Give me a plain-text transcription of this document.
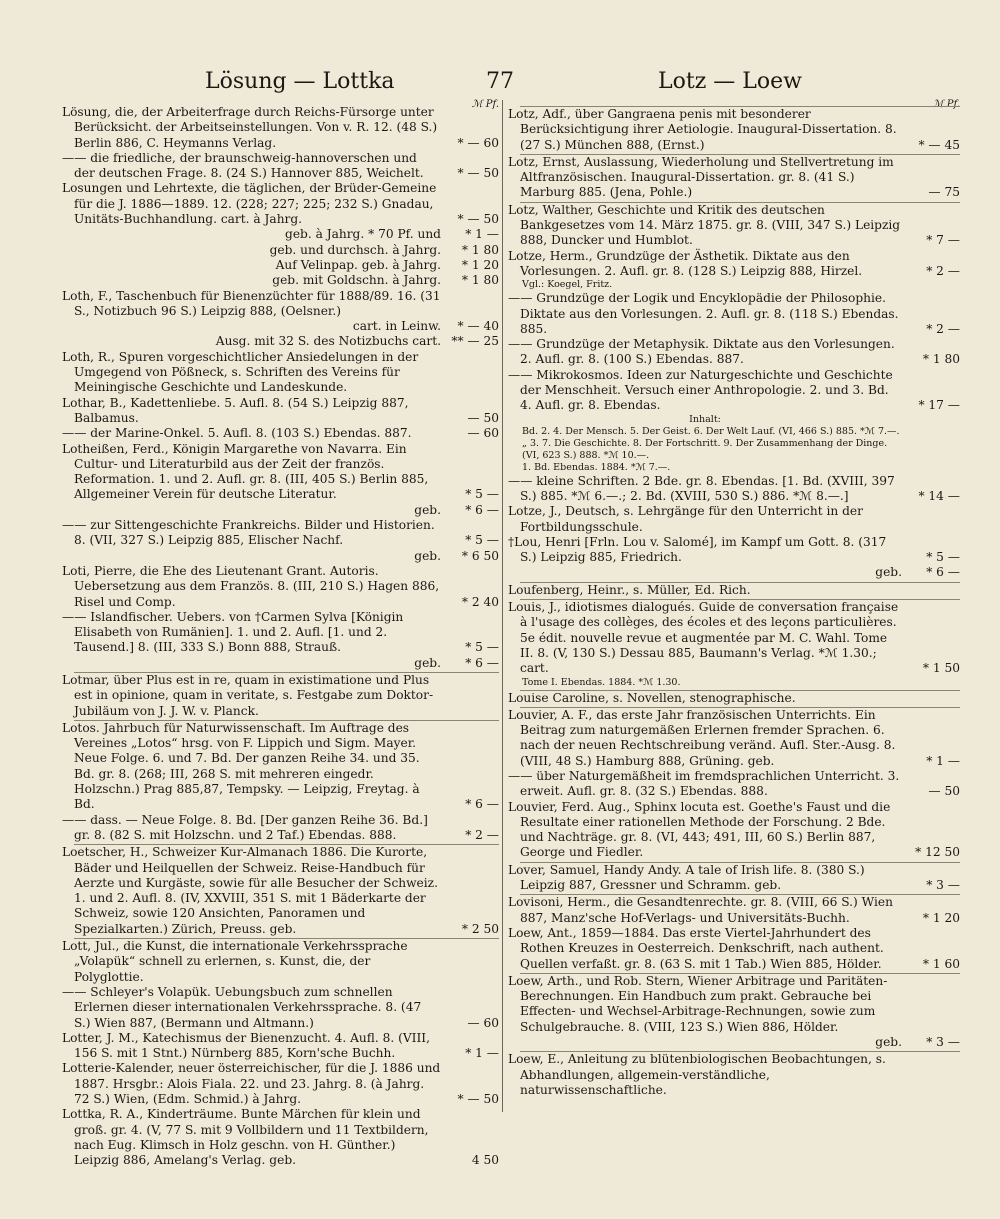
Lösung — Lottka	77	Lotz — Loew
ℳ Pf.
Lösung, die, der Arbeiterfrage durch Reichs-Fürsorge unter Berücksicht. der Arbeitseinstellungen. Von v. R. 12. (48 S.) Berlin 886, C. Heymanns Verlag.	* — 60
—— die friedliche, der braunschweig-hannoverschen und der deutschen Frage. 8. (24 S.) Hannover 885, Weichelt.	* — 50
Losungen und Lehrtexte, die täglichen, der Brüder-Gemeine für die J. 1886—1889. 12. (228; 227; 225; 232 S.) Gnadau, Unitäts-Buchhandlung. cart. à Jahrg.	* — 50
geb. à Jahrg. * 70 Pf. und	* 1 —
geb. und durchsch. à Jahrg.	* 1 80
Auf Velinpap. geb. à Jahrg.	* 1 20
geb. mit Goldschn. à Jahrg.	* 1 80
Loth, F., Taschenbuch für Bienenzüchter für 1888/89. 16. (31 S., Notizbuch 96 S.) Leipzig 888, (Oelsner.)
cart. in Leinw.	* — 40
Ausg. mit 32 S. des Notizbuchs cart. ** — 25
Loth, R., Spuren vorgeschichtlicher Ansiedelungen in der Umgegend von Pößneck, s. Schriften des Vereins für Meiningische Geschichte und Landeskunde.
Lothar, B., Kadettenliebe. 5. Aufl. 8. (54 S.) Leipzig 887, Balbamus.	— 50
—— der Marine-Onkel. 5. Aufl. 8. (103 S.) Ebendas. 887.	— 60
Lotheißen, Ferd., Königin Margarethe von Navarra. Ein Cultur- und Literaturbild aus der Zeit der französ. Reformation. 1. und 2. Aufl. gr. 8. (III, 405 S.) Berlin 885, Allgemeiner Verein für deutsche Literatur.	* 5 —
geb.	* 6 —
—— zur Sittengeschichte Frankreichs. Bilder und Historien. 8. (VII, 327 S.) Leipzig 885, Elischer Nachf.	* 5 —
geb.	* 6 50
Loti, Pierre, die Ehe des Lieutenant Grant. Autoris. Uebersetzung aus dem Französ. 8. (III, 210 S.) Hagen 886, Risel und Comp.	* 2 40
—— Islandfischer. Uebers. von †Carmen Sylva [Königin Elisabeth von Rumänien]. 1. und 2. Aufl. [1. und 2. Tausend.] 8. (III, 333 S.) Bonn 888, Strauß.	* 5 —
geb.	* 6 —
Lotmar, über Plus est in re, quam in existimatione und Plus est in opinione, quam in veritate, s. Festgabe zum Doktor-Jubiläum von J. J. W. v. Planck.
Lotos. Jahrbuch für Naturwissenschaft. Im Auftrage des Vereines „Lotos“ hrsg. von F. Lippich und Sigm. Mayer. Neue Folge. 6. und 7. Bd. Der ganzen Reihe 34. und 35. Bd. gr. 8. (268; III, 268 S. mit mehreren eingedr. Holzschn.) Prag 885,87, Tempsky. — Leipzig, Freytag. à Bd.	* 6 —
—— dass. — Neue Folge. 8. Bd. [Der ganzen Reihe 36. Bd.] gr. 8. (82 S. mit Holzschn. und 2 Taf.) Ebendas. 888.	* 2 —
Loetscher, H., Schweizer Kur-Almanach 1886. Die Kurorte, Bäder und Heilquellen der Schweiz. Reise-Handbuch für Aerzte und Kurgäste, sowie für alle Besucher der Schweiz. 1. und 2. Aufl. 8. (IV, XXVIII, 351 S. mit 1 Bäderkarte der Schweiz, sowie 120 Ansichten, Panoramen und Spezialkarten.) Zürich, Preuss. geb.	* 2 50
Lott, Jul., die Kunst, die internationale Verkehrssprache „Volapük“ schnell zu erlernen, s. Kunst, die, der Polyglottie.
—— Schleyer's Volapük. Uebungsbuch zum schnellen Erlernen dieser internationalen Verkehrssprache. 8. (47 S.) Wien 887, (Bermann und Altmann.)	— 60
Lotter, J. M., Katechismus der Bienenzucht. 4. Aufl. 8. (VIII, 156 S. mit 1 Stnt.) Nürnberg 885, Korn'sche Buchh.	* 1 —
Lotterie-Kalender, neuer österreichischer, für die J. 1886 und 1887. Hrsgbr.: Alois Fiala. 22. und 23. Jahrg. 8. (à Jahrg. 72 S.) Wien, (Edm. Schmid.) à Jahrg.	* — 50
Lottka, R. A., Kinderträume. Bunte Märchen für klein und groß. gr. 4. (V, 77 S. mit 9 Vollbildern und 11 Textbildern, nach Eug. Klimsch in Holz geschn. von H. Günther.) Leipzig 886, Amelang's Verlag. geb.	4 50
ℳ Pf.
Lotz, Adf., über Gangraena penis mit besonderer Berücksichtigung ihrer Aetiologie. Inaugural-Dissertation. 8. (27 S.) München 888, (Ernst.)	* — 45
Lotz, Ernst, Auslassung, Wiederholung und Stellvertretung im Altfranzösischen. Inaugural-Dissertation. gr. 8. (41 S.) Marburg 885. (Jena, Pohle.)	— 75
Lotz, Walther, Geschichte und Kritik des deutschen Bankgesetzes vom 14. März 1875. gr. 8. (VIII, 347 S.) Leipzig 888, Duncker und Humblot.	* 7 —
Lotze, Herm., Grundzüge der Ästhetik. Diktate aus den Vorlesungen. 2. Aufl. gr. 8. (128 S.) Leipzig 888, Hirzel.	* 2 —
Vgl.: Koegel, Fritz.
—— Grundzüge der Logik und Encyklopädie der Philosophie. Diktate aus den Vorlesungen. 2. Aufl. gr. 8. (118 S.) Ebendas. 885.	* 2 —
—— Grundzüge der Metaphysik. Diktate aus den Vorlesungen. 2. Aufl. gr. 8. (100 S.) Ebendas. 887.	* 1 80
—— Mikrokosmos. Ideen zur Naturgeschichte und Geschichte der Menschheit. Versuch einer Anthropologie. 2. und 3. Bd. 4. Aufl. gr. 8. Ebendas.	* 17 —
Inhalt:
Bd. 2. 4. Der Mensch. 5. Der Geist. 6. Der Welt Lauf. (VI, 466 S.) 885. *ℳ 7.—.
„ 3. 7. Die Geschichte. 8. Der Fortschritt. 9. Der Zusammenhang der Dinge. (VI, 623 S.) 888. *ℳ 10.—.
1. Bd. Ebendas. 1884. *ℳ 7.—.
—— kleine Schriften. 2 Bde. gr. 8. Ebendas. [1. Bd. (XVIII, 397 S.) 885. *ℳ 6.—.; 2. Bd. (XVIII, 530 S.) 886. *ℳ 8.—.]	* 14 —
Lotze, J., Deutsch, s. Lehrgänge für den Unterricht in der Fortbildungsschule.
†Lou, Henri [Frln. Lou v. Salomé], im Kampf um Gott. 8. (317 S.) Leipzig 885, Friedrich.	* 5 —
geb.	* 6 —
Loufenberg, Heinr., s. Müller, Ed. Rich.
Louis, J., idiotismes dialogués. Guide de conversation française à l'usage des collèges, des écoles et des leçons particulières. 5e édit. nouvelle revue et augmentée par M. C. Wahl. Tome II. 8. (V, 130 S.) Dessau 885, Baumann's Verlag. *ℳ 1.30.; cart.	* 1 50
Tome I. Ebendas. 1884. *ℳ 1.30.
Louise Caroline, s. Novellen, stenographische.
Louvier, A. F., das erste Jahr französischen Unterrichts. Ein Beitrag zum naturgemäßen Erlernen fremder Sprachen. 6. nach der neuen Rechtschreibung veränd. Aufl. Ster.-Ausg. 8. (VIII, 48 S.) Hamburg 888, Grüning. geb.	* 1 —
—— über Naturgemäßheit im fremdsprachlichen Unterricht. 3. erweit. Aufl. gr. 8. (32 S.) Ebendas. 888.	— 50
Louvier, Ferd. Aug., Sphinx locuta est. Goethe's Faust und die Resultate einer rationellen Methode der Forschung. 2 Bde. und Nachträge. gr. 8. (VI, 443; 491, III, 60 S.) Berlin 887, George und Fiedler.	* 12 50
Lover, Samuel, Handy Andy. A tale of Irish life. 8. (380 S.) Leipzig 887, Gressner und Schramm. geb.	* 3 —
Lovisoni, Herm., die Gesandtenrechte. gr. 8. (VIII, 66 S.) Wien 887, Manz'sche Hof-Verlags- und Universitäts-Buchh.	* 1 20
Loew, Ant., 1859—1884. Das erste Viertel-Jahrhundert des Rothen Kreuzes in Oesterreich. Denkschrift, nach authent. Quellen verfaßt. gr. 8. (63 S. mit 1 Tab.) Wien 885, Hölder.	* 1 60
Loew, Arth., und Rob. Stern, Wiener Arbitrage und Paritäten-Berechnungen. Ein Handbuch zum prakt. Gebrauche bei Effecten- und Wechsel-Arbitrage-Rechnungen, sowie zum Schulgebrauche. 8. (VIII, 123 S.) Wien 886, Hölder.
geb.	* 3 —
Loew, E., Anleitung zu blütenbiologischen Beobachtungen, s. Abhandlungen, allgemein-verständliche, naturwissenschaftliche.
